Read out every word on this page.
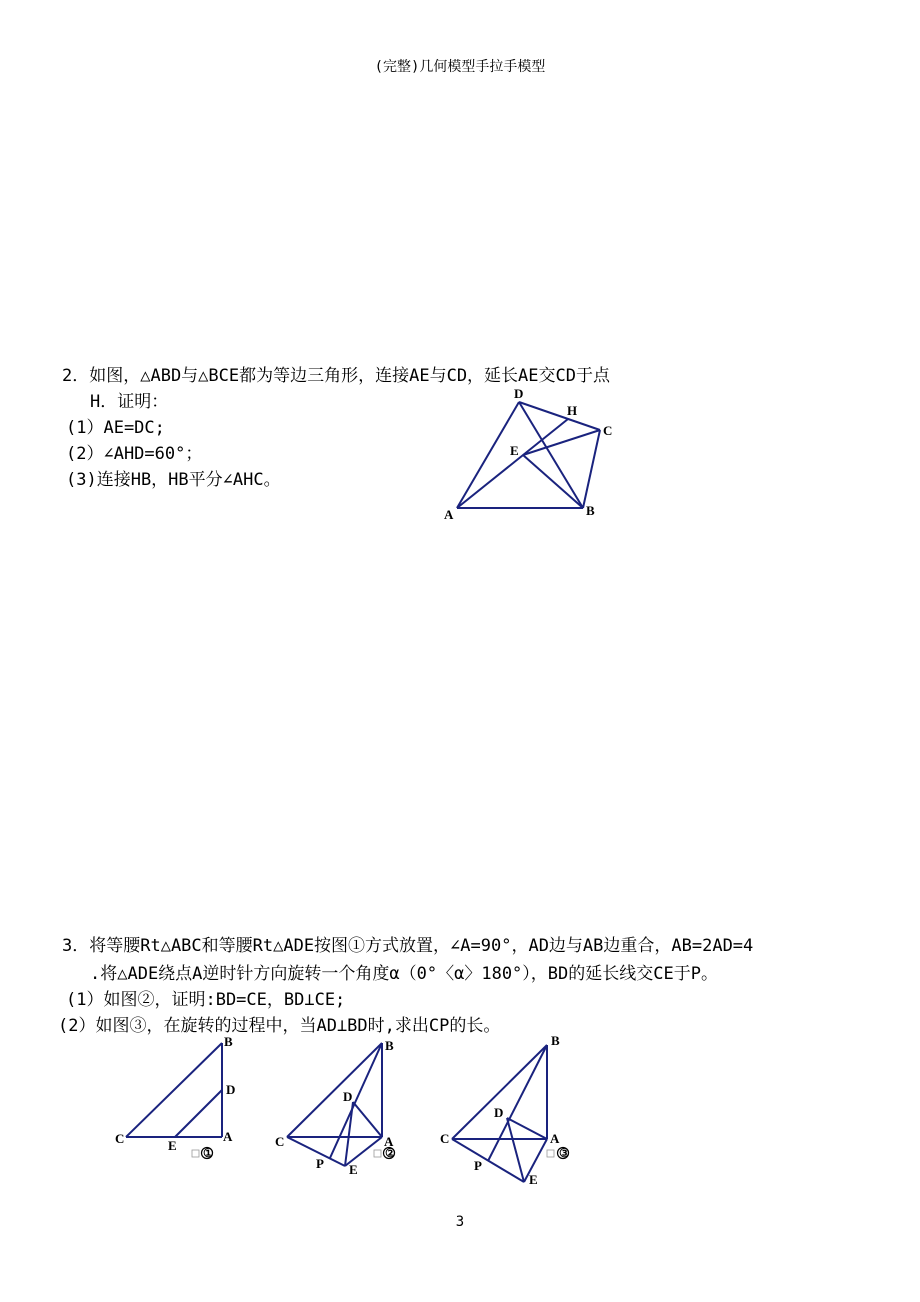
(完整)几何模型手拉手模型
2．如图，△ABD与△BCE都为等边三角形，连接AE与CD，延长AE交CD于点
H．证明：
(1）AE=DC;
(2）∠AHD=60°；
(3)连接HB，HB平分∠AHC。
D
H
C
E
A	B
3．将等腰Rt△ABC和等腰Rt△ADE按图①方式放置，∠A=90°，AD边与AB边重合，AB=2AD=4
.将△ADE绕点A逆时针方向旋转一个角度α（0°〈α〉180°），BD的延长线交CE于P。
(1）如图②，证明:BD=CE，BD⊥CE;
(2）如图③，在旋转的过程中，当AD⊥BD时,求出CP的长。
B
D
C	A
E ①
B
D
C	A
P E
②
B
D
C	A
P
E
③
3
